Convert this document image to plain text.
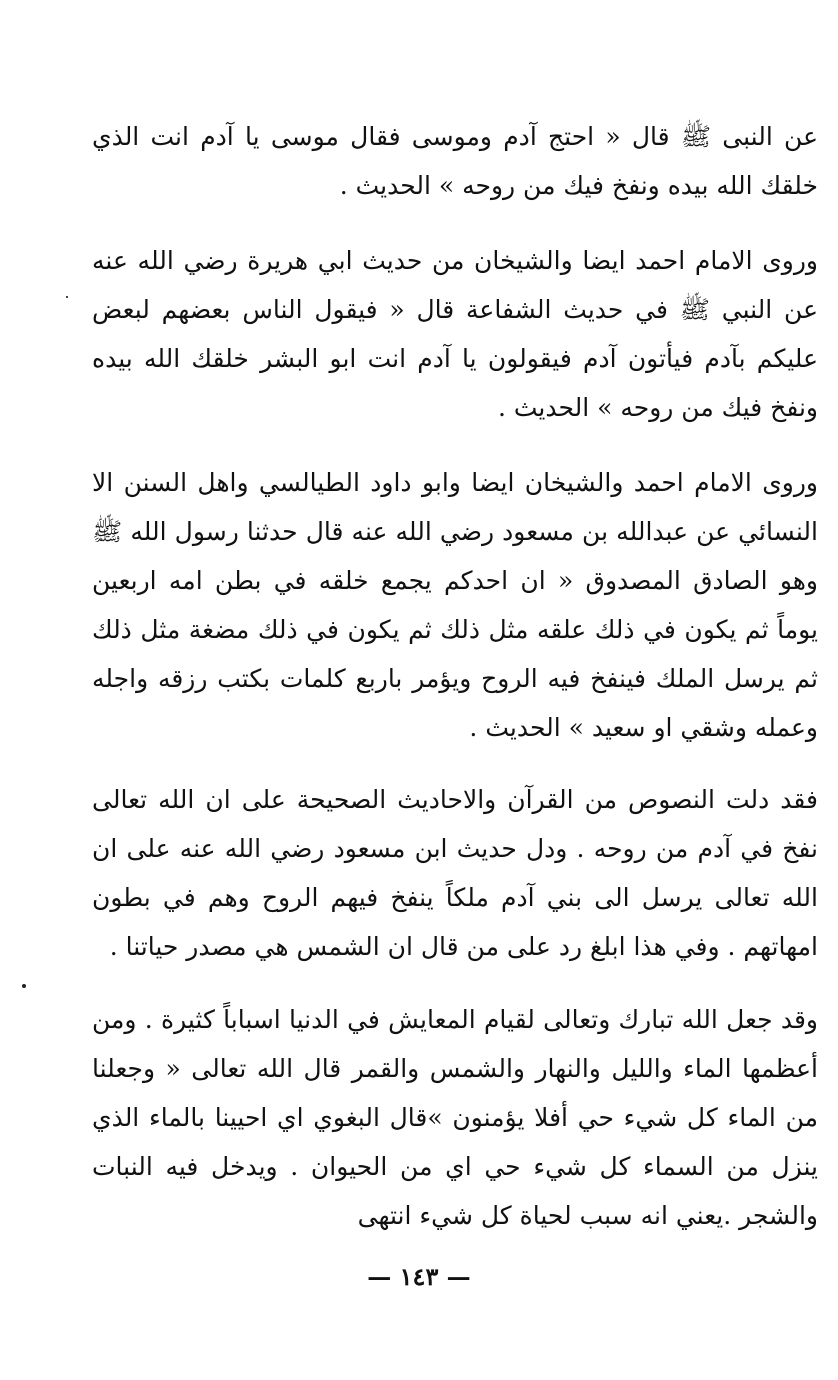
عن النبى ﷺ قال « احتج آدم وموسى فقال موسى يا آدم انت الذي خلقك الله بيده ونفخ فيك من روحه » الحديث .

وروى الامام احمد ايضا والشيخان من حديث ابي هريرة رضي الله عنه عن النبي ﷺ في حديث الشفاعة قال « فيقول الناس بعضهم لبعض عليكم بآدم فيأتون آدم فيقولون يا آدم انت ابو البشر خلقك الله بيده ونفخ فيك من روحه » الحديث .

وروى الامام احمد والشيخان ايضا وابو داود الطيالسي واهل السنن الا النسائي عن عبدالله بن مسعود رضي الله عنه قال حدثنا رسول الله ﷺ وهو الصادق المصدوق « ان احدكم يجمع خلقه في بطن امه اربعين يوماً ثم يكون في ذلك علقه مثل ذلك ثم يكون في ذلك مضغة مثل ذلك ثم يرسل الملك فينفخ فيه الروح ويؤمر باربع كلمات بكتب رزقه واجله وعمله وشقي او سعيد » الحديث .

فقد دلت النصوص من القرآن والاحاديث الصحيحة على ان الله تعالى نفخ في آدم من روحه . ودل حديث ابن مسعود رضي الله عنه على ان الله تعالى يرسل الى بني آدم ملكاً ينفخ فيهم الروح وهم في بطون امهاتهم . وفي هذا ابلغ رد على من قال ان الشمس هي مصدر حياتنا .

وقد جعل الله تبارك وتعالى لقيام المعايش في الدنيا اسباباً كثيرة . ومن أعظمها الماء والليل والنهار والشمس والقمر قال الله تعالى « وجعلنا من الماء كل شيء حي أفلا يؤمنون »قال البغوي اي احيينا بالماء الذي ينزل من السماء كل شيء حي اي من الحيوان . ويدخل فيه النبات والشجر .يعني انه سبب لحياة كل شيء انتهى

— ١٤٣ —
